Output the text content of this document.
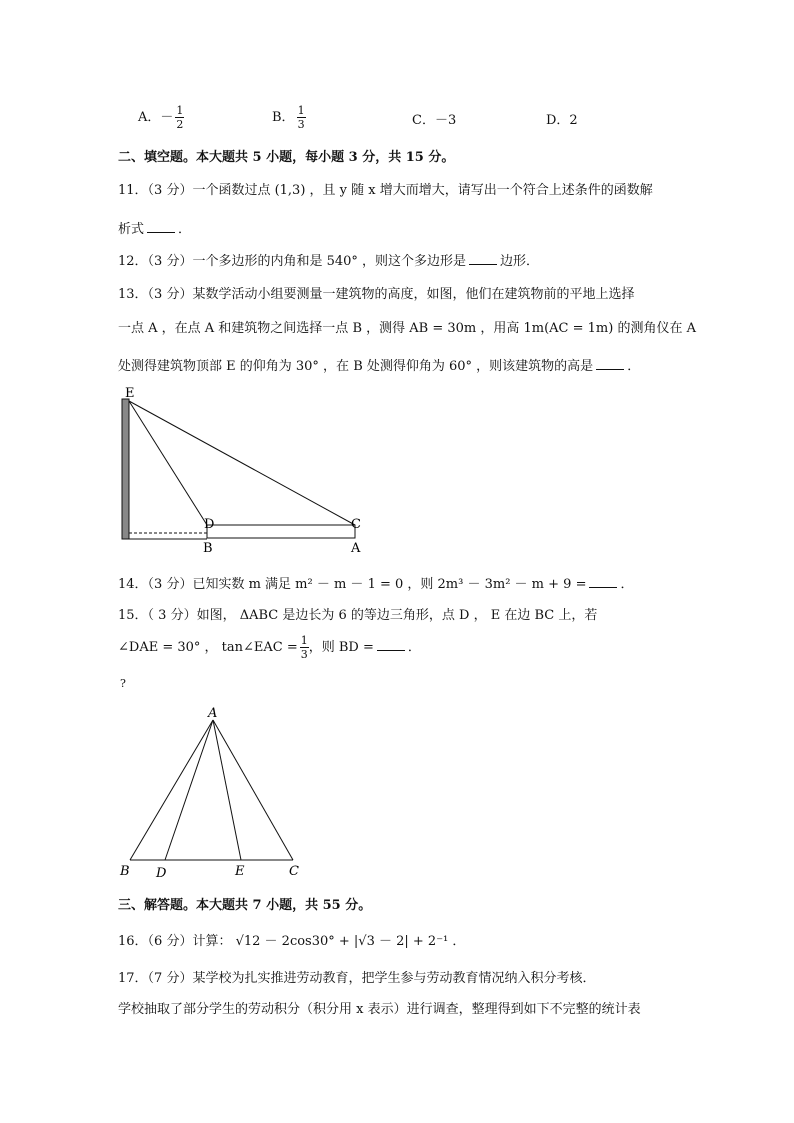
A．－ $\frac{1}{2}$	B． $\frac{1}{3}$	C．－3	D．2
二、填空题。本大题共 5 小题，每小题 3 分，共 15 分。
11．（3 分）一个函数过点 (1,3) ，且 y 随 x 增大而增大，请写出一个符合上述条件的函数解
析式	．
12．（3 分）一个多边形的内角和是 540° ，则这个多边形是	边形．
13．（3 分）某数学活动小组要测量一建筑物的高度，如图，他们在建筑物前的平地上选择
一点 A ，在点 A 和建筑物之间选择一点 B ，测得 AB = 30m ，用高 1m(AC = 1m) 的测角仪在 A
处测得建筑物顶部 E 的仰角为 30° ，在 B 处测得仰角为 60° ，则该建筑物的高是	．
E
D	C
B	A
14．（3 分）已知实数 m 满足 m² － m － 1 = 0 ，则 2m³ － 3m² － m + 9 =	．
15．（ 3 分）如图， ΔABC 是边长为 6 的等边三角形，点 D ， E 在边 BC 上，若
∠DAE = 30° ， tan∠EAC = $\frac{1}{3}$ ，则 BD =	．
?
A
B D	E	C
三、解答题。本大题共 7 小题，共 55 分。
16．（6 分）计算： √12 － 2cos30° + |√3 － 2| + 2⁻¹ ．
17．（7 分）某学校为扎实推进劳动教育，把学生参与劳动教育情况纳入积分考核．
学校抽取了部分学生的劳动积分（积分用 x 表示）进行调查，整理得到如下不完整的统计表
